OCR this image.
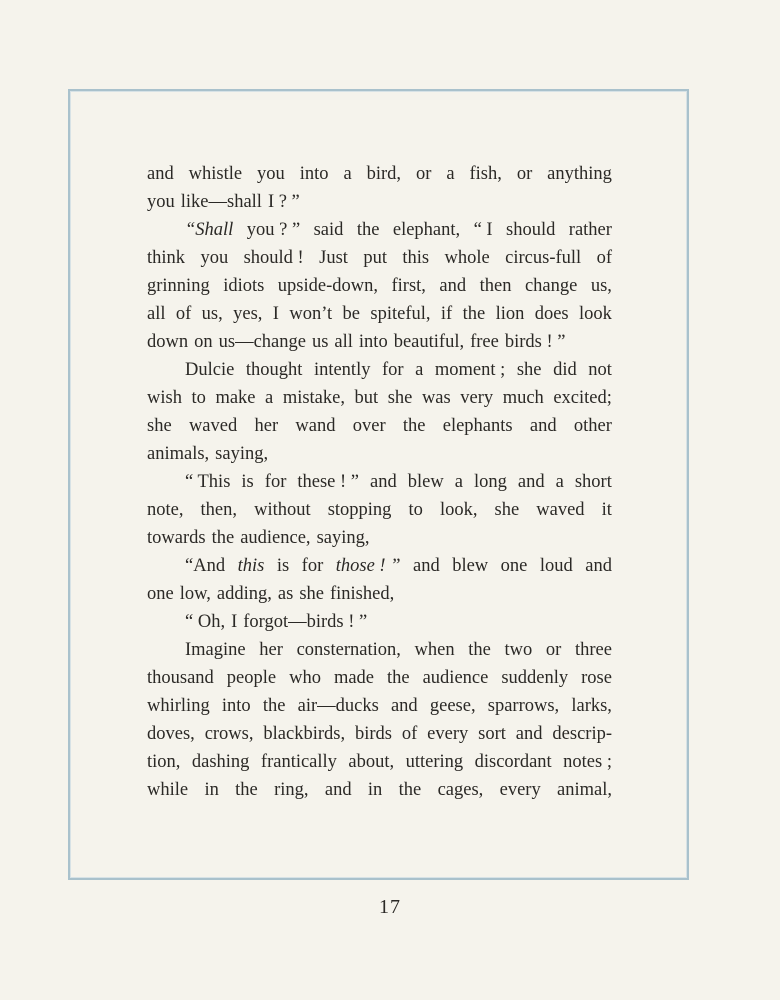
and whistle you into a bird, or a fish, or anything
you like—shall I ? ”
“Shall you ? ” said the elephant, “ I should rather
think you should ! Just put this whole circus-full of
grinning idiots upside-down, first, and then change us,
all of us, yes, I won’t be spiteful, if the lion does look
down on us—change us all into beautiful, free birds ! ”
Dulcie thought intently for a moment ; she did not
wish to make a mistake, but she was very much excited;
she waved her wand over the elephants and other
animals, saying,
“ This is for these ! ” and blew a long and a short
note, then, without stopping to look, she waved it
towards the audience, saying,
“And this is for those ! ” and blew one loud and
one low, adding, as she finished,
“ Oh, I forgot—birds ! ”
Imagine her consternation, when the two or three
thousand people who made the audience suddenly rose
whirling into the air—ducks and geese, sparrows, larks,
doves, crows, blackbirds, birds of every sort and descrip-
tion, dashing frantically about, uttering discordant notes ;
while in the ring, and in the cages, every animal,
17
